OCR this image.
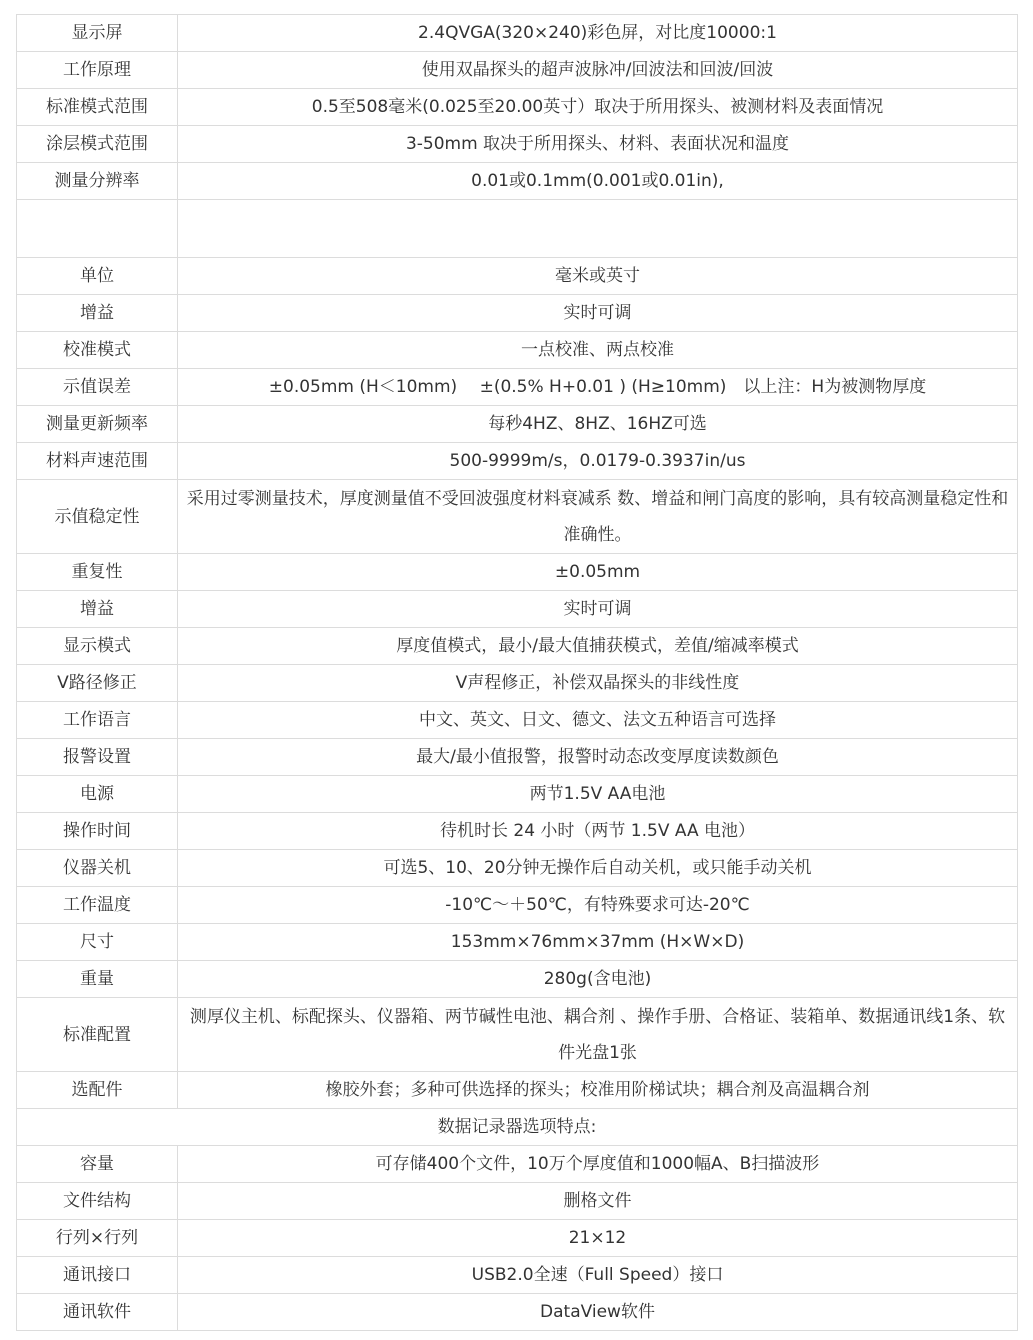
显示屏	2.4QVGA(320×240)彩色屏，对比度10000:1
工作原理	使用双晶探头的超声波脉冲/回波法和回波/回波
标准模式范围	0.5至508毫米(0.025至20.00英寸）取决于所用探头、被测材料及表面情况
涂层模式范围	3-50mm 取决于所用探头、材料、表面状况和温度
测量分辨率	0.01或0.1mm(0.001或0.01in),

单位	毫米或英寸
增益	实时可调
校准模式	一点校准、两点校准
示值误差	±0.05mm (H＜10mm)　 ±(0.5% H+0.01 ) (H≥10mm)　以上注：H为被测物厚度
测量更新频率	每秒4HZ、8HZ、16HZ可选
材料声速范围	500-9999m/s，0.0179-0.3937in/us
示值稳定性	采用过零测量技术，厚度测量值不受回波强度材料衰减系 数、增益和闸门高度的影响，具有较高测量稳定性和准确性。
重复性	±0.05mm
增益	实时可调
显示模式	厚度值模式，最小/最大值捕获模式，差值/缩减率模式
V路径修正	V声程修正，补偿双晶探头的非线性度
工作语言	中文、英文、日文、德文、法文五种语言可选择
报警设置	最大/最小值报警，报警时动态改变厚度读数颜色
电源	两节1.5V AA电池
操作时间	待机时长 24 小时（两节 1.5V AA 电池）
仪器关机	可选5、10、20分钟无操作后自动关机，或只能手动关机
工作温度	-10℃～＋50℃，有特殊要求可达-20℃
尺寸	153mm×76mm×37mm (H×W×D)
重量	280g(含电池)
标准配置	测厚仪主机、标配探头、仪器箱、两节碱性电池、耦合剂 、操作手册、合格证、装箱单、数据通讯线1条、软件光盘1张
选配件	橡胶外套；多种可供选择的探头；校准用阶梯试块；耦合剂及高温耦合剂
数据记录器选项特点:	
容量	可存储400个文件，10万个厚度值和1000幅A、B扫描波形
文件结构	删格文件
行列×行列	21×12
通讯接口	USB2.0全速（Full Speed）接口
通讯软件	DataView软件
